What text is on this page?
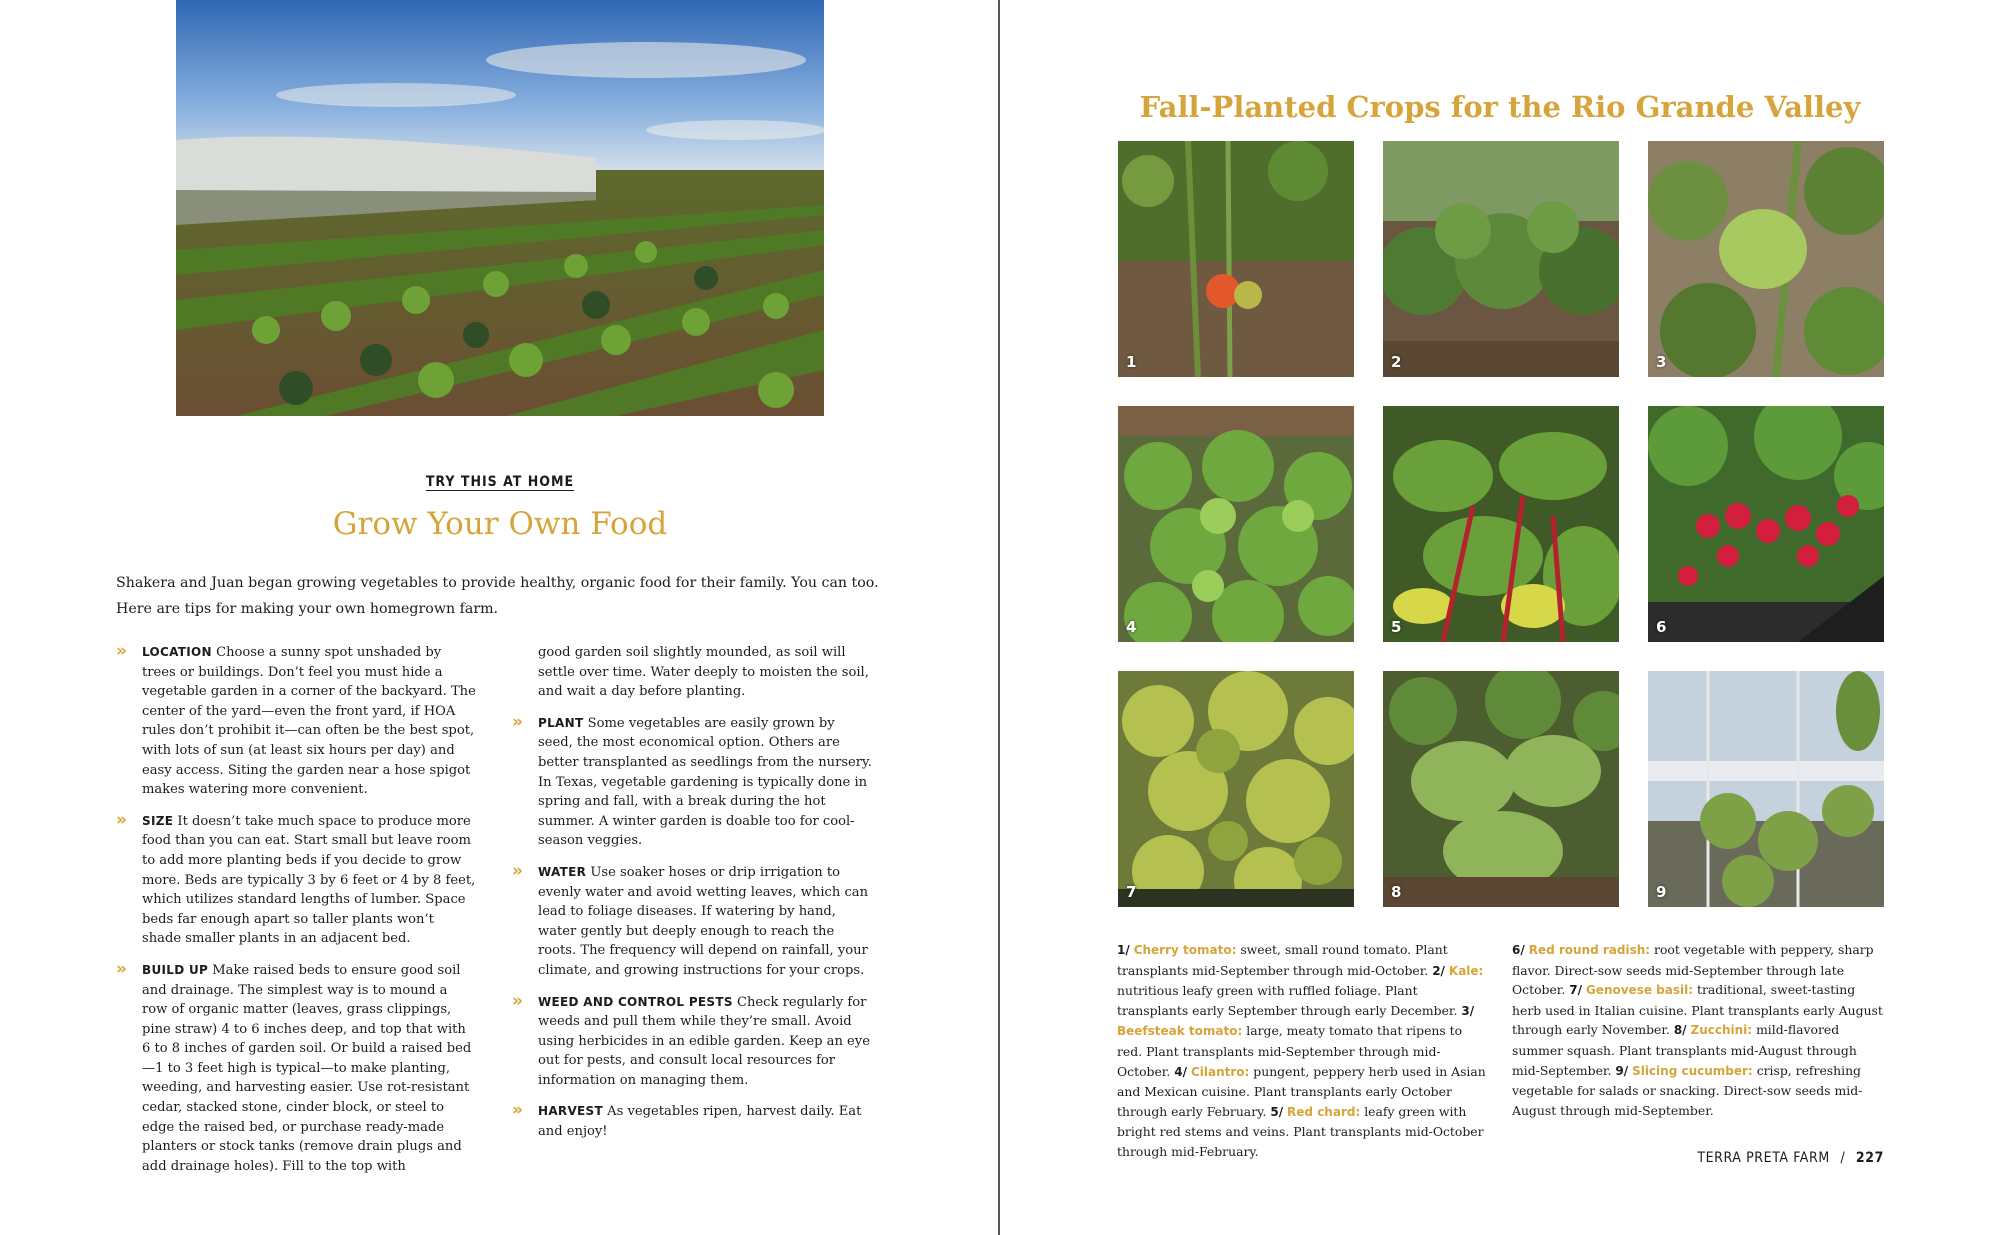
TRY THIS AT HOME
Grow Your Own Food

Shakera and Juan began growing vegetables to provide healthy, organic food for their family. You can too. Here are tips for making your own homegrown farm.

» LOCATION Choose a sunny spot unshaded by trees or buildings. Don’t feel you must hide a vegetable garden in a corner of the backyard. The center of the yard—even the front yard, if HOA rules don’t prohibit it—can often be the best spot, with lots of sun (at least six hours per day) and easy access. Siting the garden near a hose spigot makes watering more convenient.
» SIZE It doesn’t take much space to produce more food than you can eat. Start small but leave room to add more planting beds if you decide to grow more. Beds are typically 3 by 6 feet or 4 by 8 feet, which utilizes standard lengths of lumber. Space beds far enough apart so taller plants won’t shade smaller plants in an adjacent bed.
» BUILD UP Make raised beds to ensure good soil and drainage. The simplest way is to mound a row of organic matter (leaves, grass clippings, pine straw) 4 to 6 inches deep, and top that with 6 to 8 inches of garden soil. Or build a raised bed—1 to 3 feet high is typical—to make planting, weeding, and harvesting easier. Use rot-resistant cedar, stacked stone, cinder block, or steel to edge the raised bed, or purchase ready-made planters or stock tanks (remove drain plugs and add drainage holes). Fill to the top with
good garden soil slightly mounded, as soil will settle over time. Water deeply to moisten the soil, and wait a day before planting.
» PLANT Some vegetables are easily grown by seed, the most economical option. Others are better transplanted as seedlings from the nursery. In Texas, vegetable gardening is typically done in spring and fall, with a break during the hot summer. A winter garden is doable too for cool-season veggies.
» WATER Use soaker hoses or drip irrigation to evenly water and avoid wetting leaves, which can lead to foliage diseases. If watering by hand, water gently but deeply enough to reach the roots. The frequency will depend on rainfall, your climate, and growing instructions for your crops.
» WEED AND CONTROL PESTS Check regularly for weeds and pull them while they’re small. Avoid using herbicides in an edible garden. Keep an eye out for pests, and consult local resources for information on managing them.
» HARVEST As vegetables ripen, harvest daily. Eat and enjoy!
Fall-Planted Crops for the Rio Grande Valley
1	2	3
4	5	6
7	8	9
1/ Cherry tomato: sweet, small round tomato. Plant transplants mid-September through mid-October. 2/ Kale: nutritious leafy green with ruffled foliage. Plant transplants early September through early December. 3/ Beefsteak tomato: large, meaty tomato that ripens to red. Plant transplants mid-September through mid-October. 4/ Cilantro: pungent, peppery herb used in Asian and Mexican cuisine. Plant transplants early October through early February. 5/ Red chard: leafy green with bright red stems and veins. Plant transplants mid-October through mid-February.
6/ Red round radish: root vegetable with peppery, sharp flavor. Direct-sow seeds mid-September through late October. 7/ Genovese basil: traditional, sweet-tasting herb used in Italian cuisine. Plant transplants early August through early November. 8/ Zucchini: mild-flavored summer squash. Plant transplants mid-August through mid-September. 9/ Slicing cucumber: crisp, refreshing vegetable for salads or snacking. Direct-sow seeds mid-August through mid-September.
TERRA PRETA FARM / 227
